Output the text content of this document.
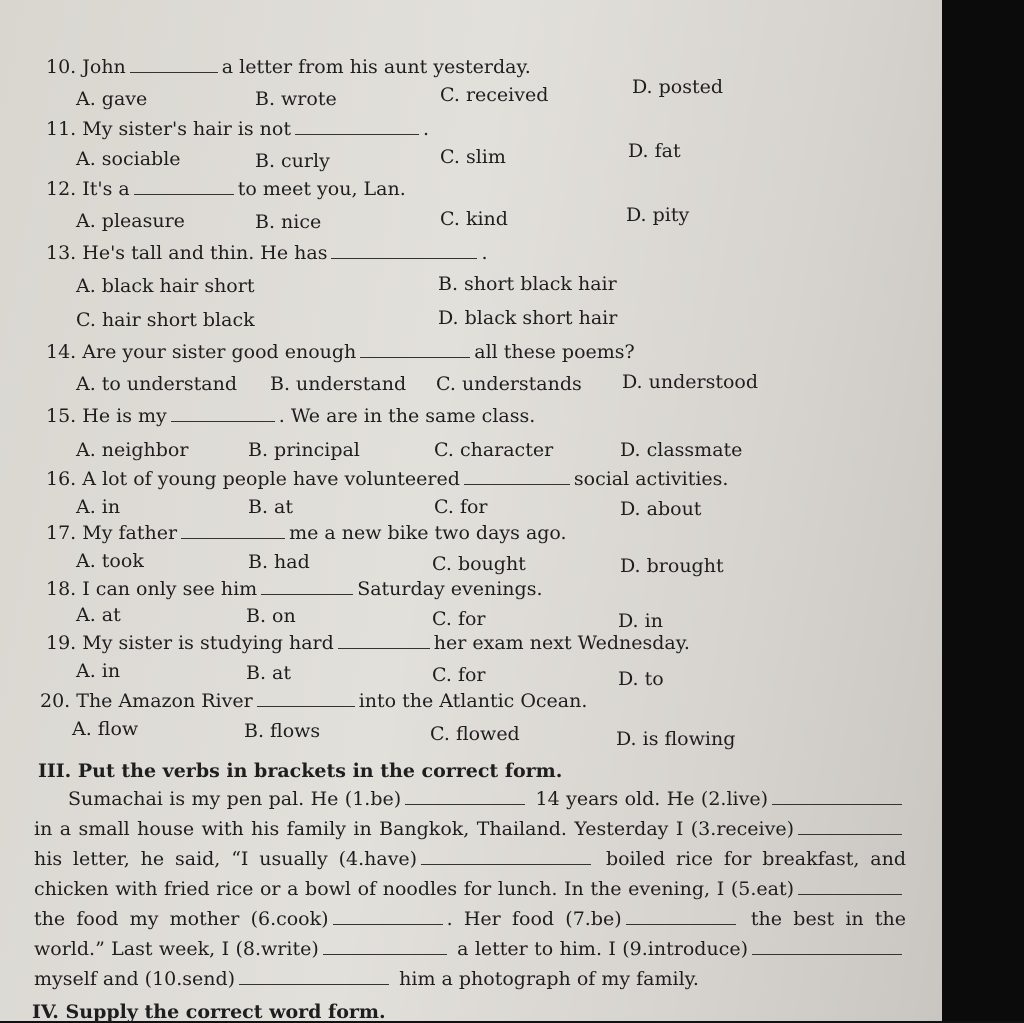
10. John	a letter from his aunt yesterday.
A. gave	B. wrote	C. received	D. posted
11. My sister's hair is not	.
A. sociable	B. curly	C. slim	D. fat
12. It's a	to meet you, Lan.
A. pleasure	B. nice	C. kind	D. pity
13. He's tall and thin. He has	.
A. black hair short	B. short black hair
C. hair short black	D. black short hair
14. Are your sister good enough	all these poems?
A. to understand B. understand C. understands D. understood
15. He is my	. We are in the same class.
A. neighbor	B. principal	C. character	D. classmate
16. A lot of young people have volunteered	social activities.
A. in	B. at	C. for	D. about
17. My father	me a new bike two days ago.
A. took	B. had	C. bought	D. brought
18. I can only see him	Saturday evenings.
A. at	B. on	C. for	D. in
19. My sister is studying hard	her exam next Wednesday.
A. in	B. at	C. for	D. to
20. The Amazon River	into the Atlantic Ocean.
A. flow	B. flows	C. flowed	D. is flowing
III. Put the verbs in brackets in the correct form.
Sumachai is my pen pal. He (1.be)	14 years old. He (2.live) in a small house with his family in Bangkok, Thailand. Yesterday I (3.receive) his letter, he said, “I usually (4.have)	boiled rice for breakfast, and chicken with fried rice or a bowl of noodles for lunch. In the evening, I (5.eat) the food my mother (6.cook)	. Her food (7.be)	the best in the world.” Last week, I (8.write)	a letter to him. I (9.introduce) myself and (10.send)	him a photograph of my family.
IV. Supply the correct word form.
